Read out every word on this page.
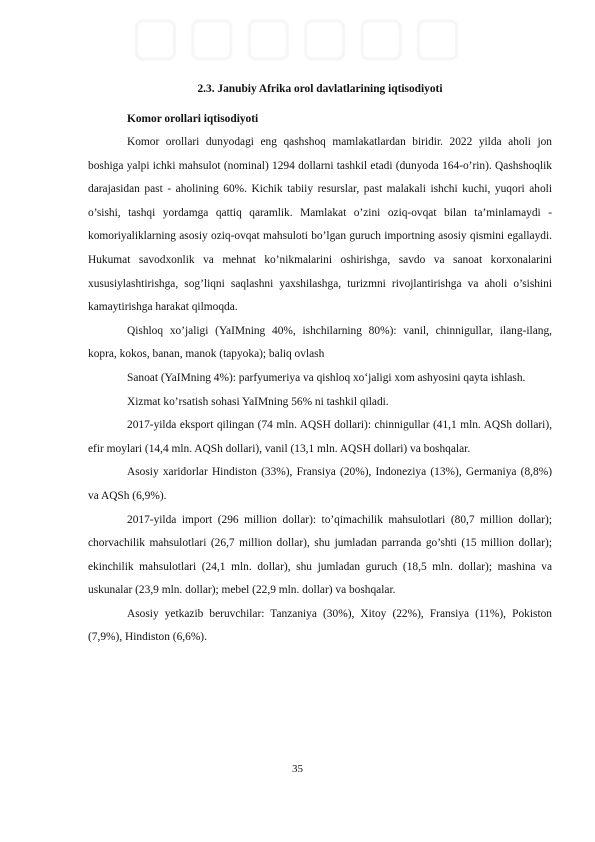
▢ ▢ ▢ ▢ ▢ ▢
2.3. Janubiy Afrika orol davlatlarining iqtisodiyoti

Komor orollari iqtisodiyoti

Komor orollari dunyodagi eng qashshoq mamlakatlardan biridir. 2022 yilda aholi jon boshiga yalpi ichki mahsulot (nominal) 1294 dollarni tashkil etadi (dunyoda 164-o’rin). Qashshoqlik darajasidan past - aholining 60%. Kichik tabiiy resurslar, past malakali ishchi kuchi, yuqori aholi o’sishi, tashqi yordamga qattiq qaramlik. Mamlakat o’zini oziq-ovqat bilan ta’minlamaydi - komoriyaliklarning asosiy oziq-ovqat mahsuloti bo’lgan guruch importning asosiy qismini egallaydi. Hukumat savodxonlik va mehnat ko’nikmalarini oshirishga, savdo va sanoat korxonalarini xususiylashtirishga, sog’liqni saqlashni yaxshilashga, turizmni rivojlantirishga va aholi o’sishini kamaytirishga harakat qilmoqda.

Qishloq xo’jaligi (YaIMning 40%, ishchilarning 80%): vanil, chinnigullar, ilang-ilang, kopra, kokos, banan, manok (tapyoka); baliq ovlash

Sanoat (YaIMning 4%): parfyumeriya va qishloq xo‘jaligi xom ashyosini qayta ishlash.

Xizmat ko’rsatish sohasi YaIMning 56% ni tashkil qiladi.

2017-yilda eksport qilingan (74 mln. AQSH dollari): chinnigullar (41,1 mln. AQSh dollari), efir moylari (14,4 mln. AQSh dollari), vanil (13,1 mln. AQSH dollari) va boshqalar.

Asosiy xaridorlar Hindiston (33%), Fransiya (20%), Indoneziya (13%), Germaniya (8,8%) va AQSh (6,9%).

2017-yilda import (296 million dollar): to’qimachilik mahsulotlari (80,7 million dollar); chorvachilik mahsulotlari (26,7 million dollar), shu jumladan parranda go’shti (15 million dollar); ekinchilik mahsulotlari (24,1 mln. dollar), shu jumladan guruch (18,5 mln. dollar); mashina va uskunalar (23,9 mln. dollar); mebel (22,9 mln. dollar) va boshqalar.

Asosiy yetkazib beruvchilar: Tanzaniya (30%), Xitoy (22%), Fransiya (11%), Pokiston (7,9%), Hindiston (6,6%).

35
